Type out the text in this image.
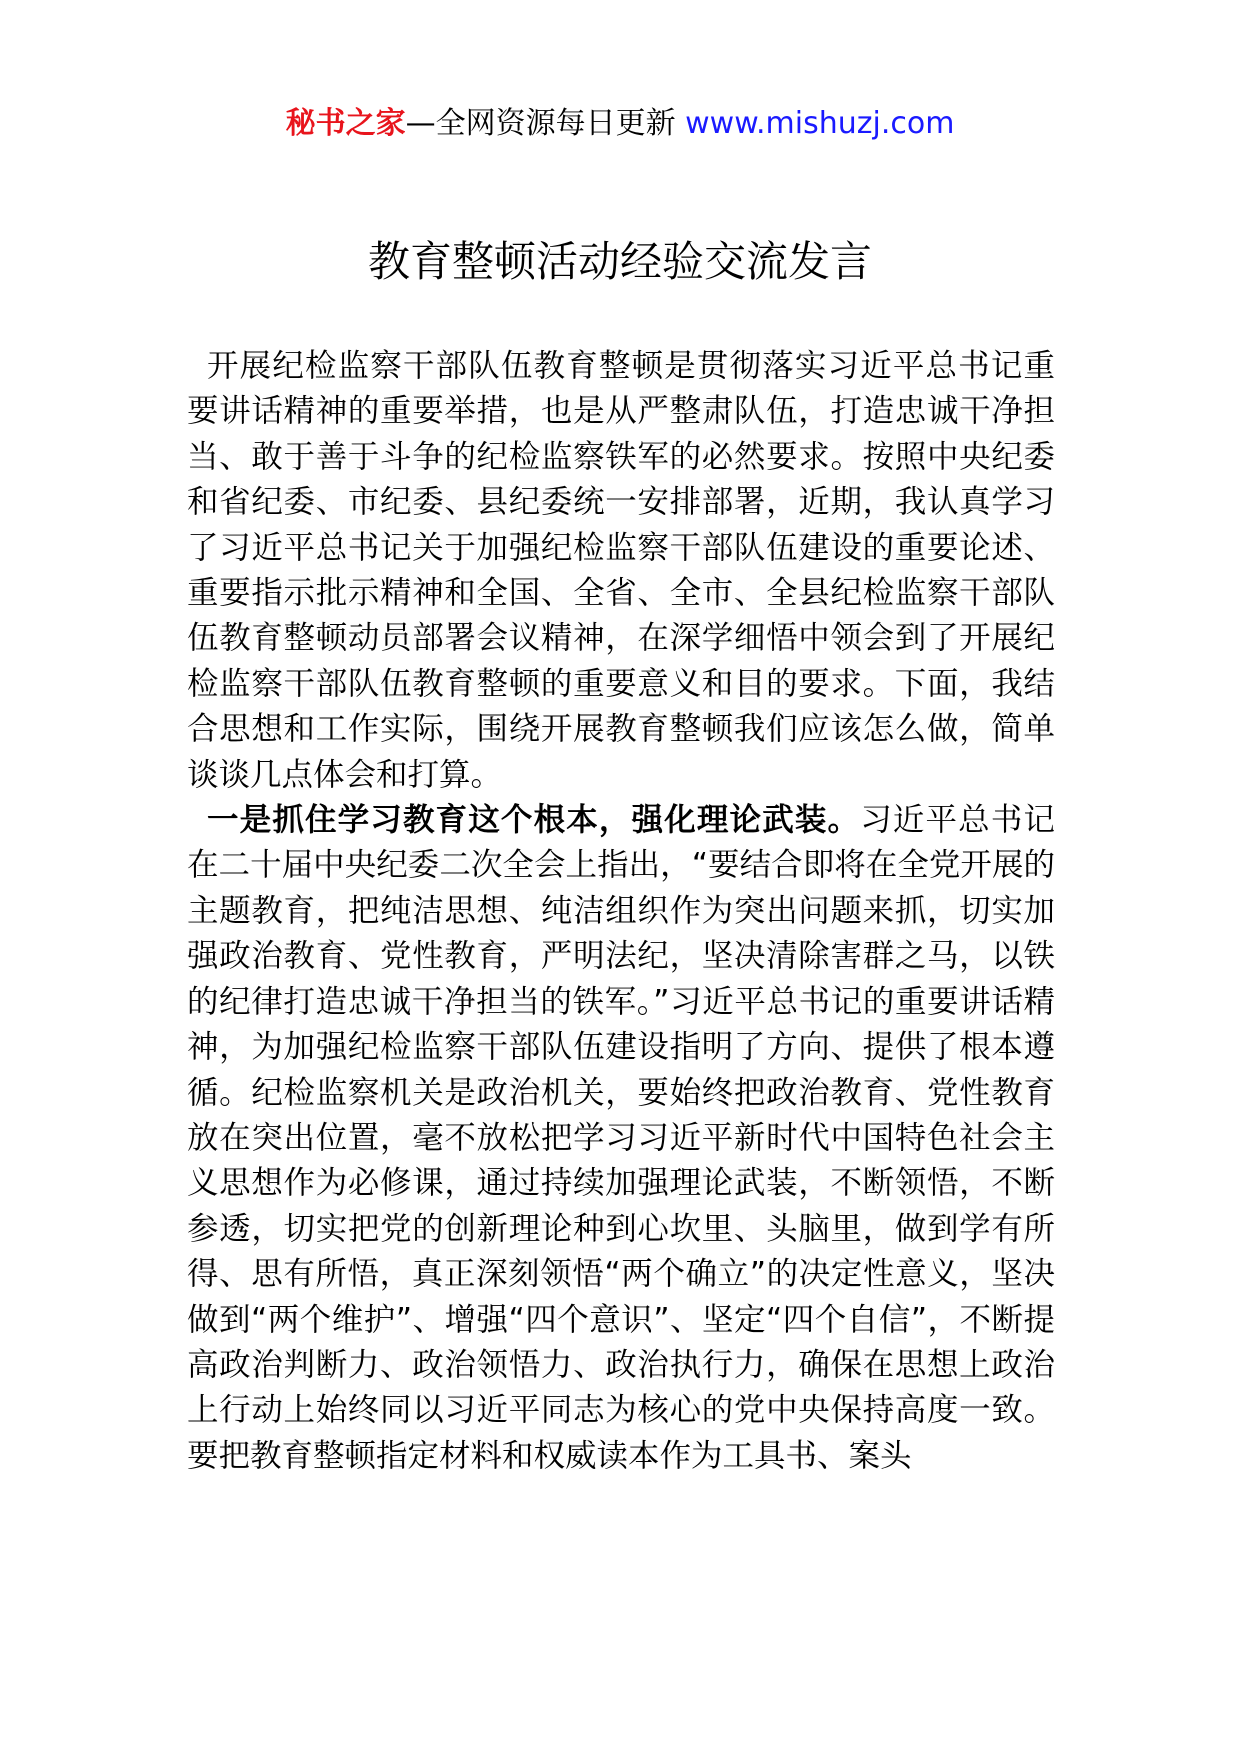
秘书之家—全网资源每日更新 www.mishuzj.com
教育整顿活动经验交流发言

开展纪检监察干部队伍教育整顿是贯彻落实习近平总书记重要讲话精神的重要举措，也是从严整肃队伍，打造忠诚干净担当、敢于善于斗争的纪检监察铁军的必然要求。按照中央纪委和省纪委、市纪委、县纪委统一安排部署，近期，我认真学习了习近平总书记关于加强纪检监察干部队伍建设的重要论述、重要指示批示精神和全国、全省、全市、全县纪检监察干部队伍教育整顿动员部署会议精神，在深学细悟中领会到了开展纪检监察干部队伍教育整顿的重要意义和目的要求。下面，我结合思想和工作实际，围绕开展教育整顿我们应该怎么做，简单谈谈几点体会和打算。

一是抓住学习教育这个根本，强化理论武装。习近平总书记在二十届中央纪委二次全会上指出，“要结合即将在全党开展的主题教育，把纯洁思想、纯洁组织作为突出问题来抓，切实加强政治教育、党性教育，严明法纪，坚决清除害群之马，以铁的纪律打造忠诚干净担当的铁军。”习近平总书记的重要讲话精神，为加强纪检监察干部队伍建设指明了方向、提供了根本遵循。纪检监察机关是政治机关，要始终把政治教育、党性教育放在突出位置，毫不放松把学习习近平新时代中国特色社会主义思想作为必修课，通过持续加强理论武装，不断领悟，不断参透，切实把党的创新理论种到心坎里、头脑里，做到学有所得、思有所悟，真正深刻领悟“两个确立”的决定性意义，坚决做到“两个维护”、增强“四个意识”、坚定“四个自信”，不断提高政治判断力、政治领悟力、政治执行力，确保在思想上政治上行动上始终同以习近平同志为核心的党中央保持高度一致。要把教育整顿指定材料和权威读本作为工具书、案头
